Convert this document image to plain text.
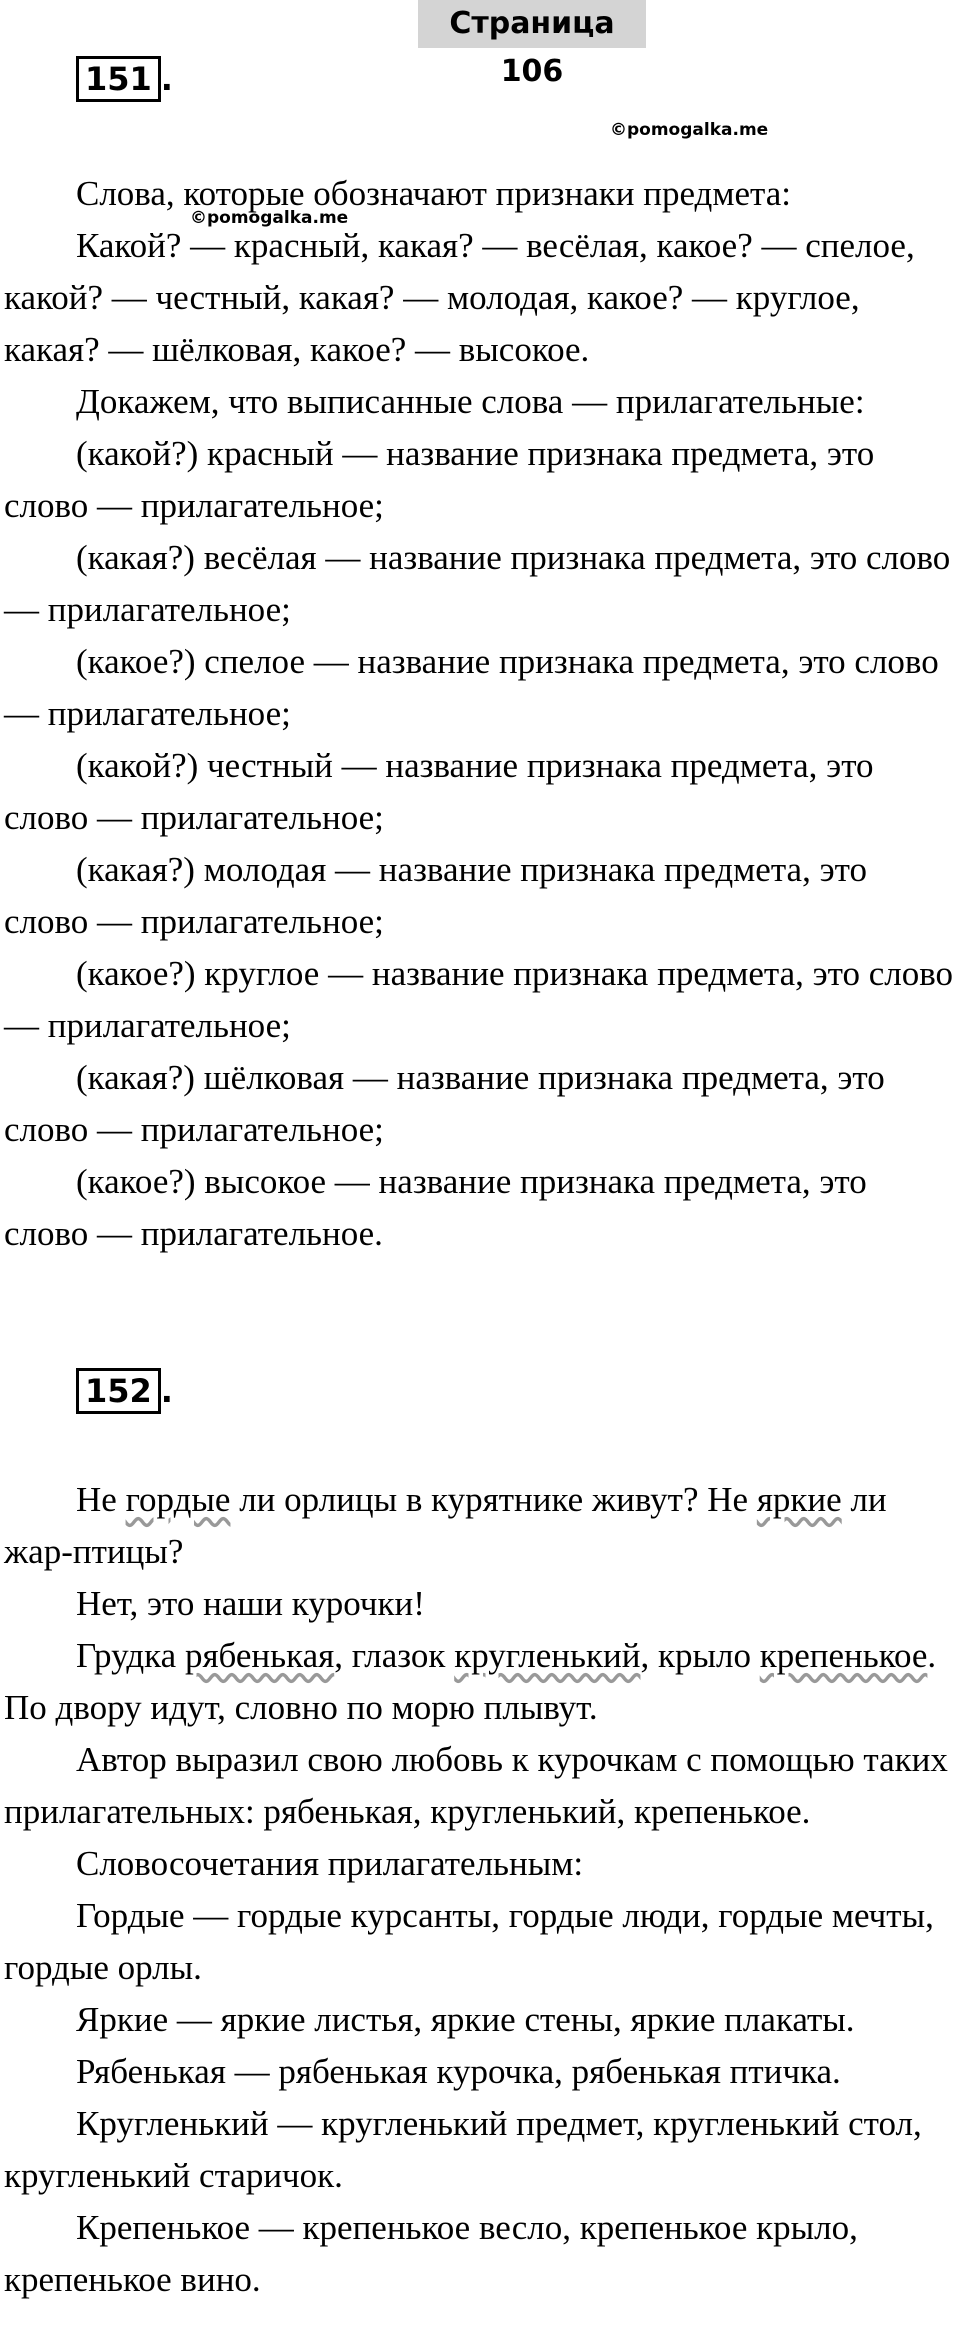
Страница 106
151 .
©pomogalka.me
©pomogalka.me

Слова, которые обозначают признаки предмета:

Какой? — красный, какая? — весёлая, какое? — спелое, какой? — честный, какая? — молодая, какое? — круглое, какая? — шёлковая, какое? — высокое.

Докажем, что выписанные слова — прилагательные:

(какой?) красный — название признака предмета, это слово — прилагательное;

(какая?) весёлая — название признака предмета, это слово — прилагательное;

(какое?) спелое — название признака предмета, это слово — прилагательное;

(какой?) честный — название признака предмета, это слово — прилагательное;

(какая?) молодая — название признака предмета, это слово — прилагательное;

(какое?) круглое — название признака предмета, это слово — прилагательное;

(какая?) шёлковая — название признака предмета, это слово — прилагательное;

(какое?) высокое — название признака предмета, это слово — прилагательное.

152 .

Не гордые ли орлицы в курятнике живут? Не яркие ли жар-птицы?

Нет, это наши курочки!

Грудка рябенькая, глазок кругленький, крыло крепенькое. По двору идут, словно по морю плывут.

Автор выразил свою любовь к курочкам с помощью таких прилагательных: рябенькая, кругленький, крепенькое.

Словосочетания прилагательным:

Гордые — гордые курсанты, гордые люди, гордые мечты, гордые орлы.

Яркие — яркие листья, яркие стены, яркие плакаты.

Рябенькая — рябенькая курочка, рябенькая птичка.

Кругленький — кругленький предмет, кругленький стол, кругленький старичок.

Крепенькое — крепенькое весло, крепенькое крыло, крепенькое вино.
